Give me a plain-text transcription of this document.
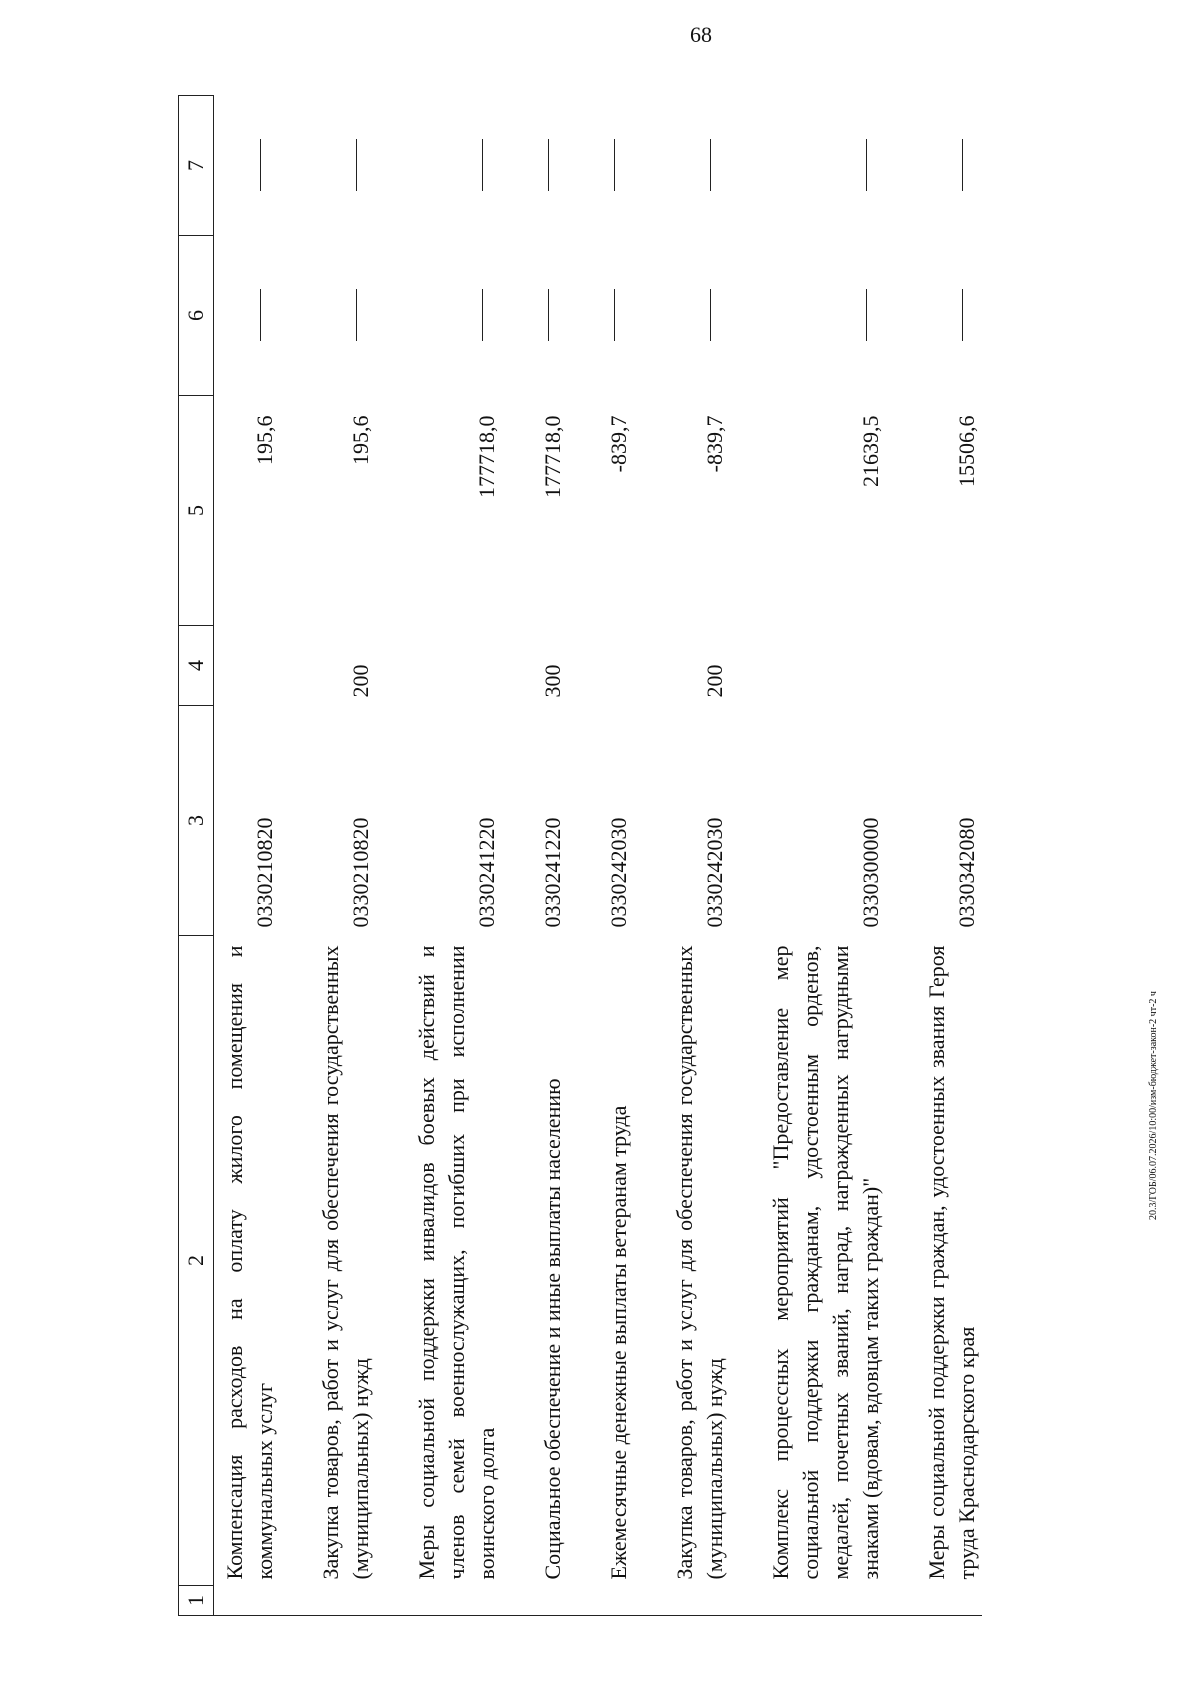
68
1	2	3	4	5	6	7
	Компенсация расходов на оплату жилого помещения и коммунальных услуг	0330210820		195,6		

	Закупка товаров, работ и услуг для обеспечения государственных (муниципальных) нужд	0330210820	200	195,6		

	Меры социальной поддержки инвалидов боевых действий и членов семей военнослужащих, погибших при исполнении воинского долга	0330241220		177718,0		

	Социальное обеспечение и иные выплаты населению	0330241220	300	177718,0		

	Ежемесячные денежные выплаты ветеранам труда	0330242030		-839,7		

	Закупка товаров, работ и услуг для обеспечения государственных (муниципальных) нужд	0330242030	200	-839,7		

	Комплекс процессных мероприятий "Предоставление мер социальной поддержки гражданам, удостоенным орденов, медалей, почетных званий, наград, награжденных нагрудными знаками (вдовам, вдовцам таких граждан)"	0330300000		21639,5		

	Меры социальной поддержки граждан, удостоенных звания Героя труда Краснодарского края	0330342080		15506,6		
20.3/ГОБ/06.07.2026/10:00/изм-бюджет-закон-2 чт-2 ч
